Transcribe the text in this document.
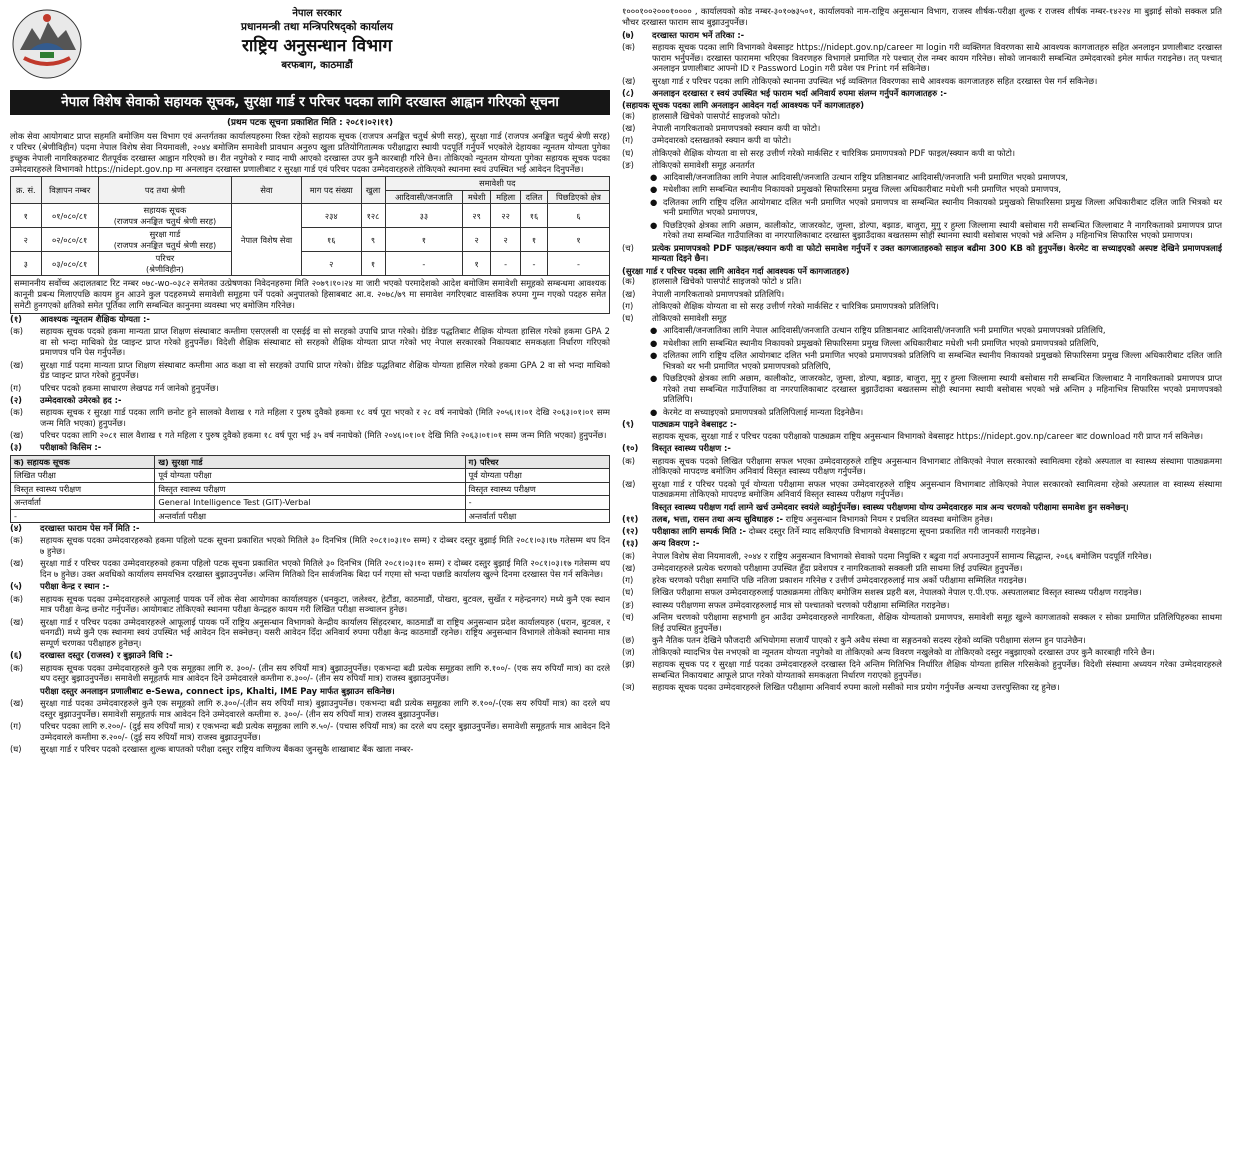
नेपाल सरकार
प्रधानमन्त्री तथा मन्त्रिपरिषद्को कार्यालय
राष्ट्रिय अनुसन्धान विभाग
बरफबाग, काठमाडौं
नेपाल विशेष सेवाको सहायक सूचक, सुरक्षा गार्ड र परिचर पदका लागि दरखास्त आह्वान गरिएको सूचना
(प्रथम पटक सूचना प्रकाशित मिति : २०८१।०२।११)

लोक सेवा आयोगबाट प्राप्त सहमति बमोजिम यस विभाग एवं अन्तर्गतका कार्यालयहरुमा रिक्त रहेको सहायक सूचक (राजपत्र अनङ्कित चतुर्थ श्रेणी सरह), सुरक्षा गार्ड (राजपत्र अनङ्कित चतुर्थ श्रेणी सरह) र परिचर (श्रेणीविहीन) पदमा नेपाल विशेष सेवा नियमावली, २०४४ बमोजिम समावेशी प्रावधान अनुरुप खुला प्रतियोगितात्मक परीक्षाद्वारा स्थायी पदपूर्ति गर्नुपर्ने भएकोले देहायका न्यूनतम योग्यता पुगेका इच्छुक नेपाली नागरिकहरुबाट रीतपूर्वक दरखास्त आह्वान गरिएको छ। रीत नपुगेको र म्याद नाघी आएको दरखास्त उपर कुनै कारबाही गरिने छैन। तोकिएको न्यूनतम योग्यता पुगेका सहायक सूचक पदका उम्मेदवारहरुले विभागको https://nidept.gov.np मा अनलाइन दरखास्त प्रणालीबाट र सुरक्षा गार्ड एवं परिचर पदका उम्मेदवारहरुले तोकिएको स्थानमा स्वयं उपस्थित भई आवेदन दिनुपर्नेछ।

क्र. सं.	विज्ञापन नम्बर	पद तथा श्रेणी	सेवा	माग पद संख्या	खुला	समावेशी पद				
						आदिवासी/जनजाति	मधेशी	महिला	दलित	पिछडिएको क्षेत्र
१	०१/०८०/८१	सहायक सूचक
(राजपत्र अनङ्कित चतुर्थ श्रेणी सरह)	नेपाल विशेष सेवा	२३४	१२८	३३	२९	२२	१६	६
२	०२/०८०/८१	सुरक्षा गार्ड
(राजपत्र अनङ्कित चतुर्थ श्रेणी सरह)		१६	९	१	२	२	१	१
३	०३/०८०/८१	परिचर
(श्रेणीविहीन)		२	१	-	१	-	-	-
सम्माननीय सर्वोच्च अदालतबाट रिट नम्बर ०७८-wo-०३८२ समेतका उत्प्रेषणका निवेदनहरुमा मिति २०७९।१०।२४ मा जारी भएको परमादेशको आदेश बमोजिम समावेशी समूहको सम्बन्धमा आवश्यक कानूनी प्रबन्ध मिलाएपछि कायम हुन आउने कुल पदहरुमध्ये समावेशी समूहमा पर्ने पदको अनुपातको हिसाबबाट आ.व. २०७८/७९ मा समावेश नगरिएबाट वास्तविक रुपमा गुम्न गएको पदहरु समेत समेटी हुनगएको क्षतिको समेत पूर्तिका लागि सम्बन्धित कानुनमा व्यवस्था भए बमोजिम गरिनेछ।
(१)	आवश्यक न्यूनतम शैक्षिक योग्यता :-
(क)	सहायक सूचक पदको हकमा मान्यता प्राप्त शिक्षण संस्थाबाट कम्तीमा एसएलसी वा एसईई वा सो सरहको उपाधि प्राप्त गरेको। ग्रेडिङ पद्धतिबाट शैक्षिक योग्यता हासिल गरेको हकमा GPA 2 वा सो भन्दा माथिको ग्रेड प्वाइन्ट प्राप्त गरेको हुनुपर्नेछ। विदेशी शैक्षिक संस्थाबाट सो सरहको शैक्षिक योग्यता प्राप्त गरेको भए नेपाल सरकारको निकायबाट समकक्षता निर्धारण गरिएको प्रमाणपत्र पनि पेस गर्नुपर्नेछ।
(ख)	सुरक्षा गार्ड पदमा मान्यता प्राप्त शिक्षण संस्थाबाट कम्तीमा आठ कक्षा वा सो सरहको उपाधि प्राप्त गरेको। ग्रेडिङ पद्धतिबाट शैक्षिक योग्यता हासिल गरेको हकमा GPA 2 वा सो भन्दा माथिको ग्रेड प्वाइन्ट प्राप्त गरेको हुनुपर्नेछ।
(ग)	परिचर पदको हकमा साधारण लेखपढ गर्न जानेको हुनुपर्नेछ।
(२)	उम्मेदवारको उमेरको हद :-
(क)	सहायक सूचक र सुरक्षा गार्ड पदका लागि छनोट हुने सालको वैशाख १ गते महिला र पुरुष दुवैको हकमा १८ वर्ष पूरा भएको र २८ वर्ष ननाघेको (मिति २०५६।१।०१ देखि २०६३।०१।०१ सम्म जन्म मिति भएका) हुनुपर्नेछ।
(ख)	परिचर पदका लागि २०८१ साल वैशाख १ गते महिला र पुरुष दुवैको हकमा १८ वर्ष पूरा भई ३५ वर्ष ननाघेको (मिति २०४६।०१।०१ देखि मिति २०६३।०१।०१ सम्म जन्म मिति भएका) हुनुपर्नेछ।
(३)	परीक्षाको किसिम :-
क) सहायक सूचक	ख) सुरक्षा गार्ड	ग) परिचर
लिखित परीक्षा	पूर्व योग्यता परीक्षा	पूर्व योग्यता परीक्षा
विस्तृत स्वास्थ्य परीक्षण	विस्तृत स्वास्थ्य परीक्षण	विस्तृत स्वास्थ्य परीक्षण
अन्तर्वार्ता	General Intelligence Test (GIT)-Verbal	-
-	अन्तर्वार्ता परीक्षा	अन्तर्वार्ता परीक्षा
(४)	दरखास्त फाराम पेस गर्ने मिति :-
(क)	सहायक सूचक पदका उम्मेदवारहरुको हकमा पहिलो पटक सूचना प्रकाशित भएको मितिले ३० दिनभित्र (मिति २०८१।०३।१० सम्म) र दोब्बर दस्तुर बुझाई मिति २०८१।०३।१७ गतेसम्म थप दिन ७ हुनेछ।
(ख)	सुरक्षा गार्ड र परिचर पदका उम्मेदवारहरुको हकमा पहिलो पटक सूचना प्रकाशित भएको मितिले ३० दिनभित्र (मिति २०८१।०३।१० सम्म) र दोब्बर दस्तुर बुझाई मिति २०८१।०३।१७ गतेसम्म थप दिन ७ हुनेछ। उक्त अवधिको कार्यालय समयभित्र दरखास्त बुझाउनुपर्नेछ। अन्तिम मितिको दिन सार्वजनिक बिदा पर्न गएमा सो भन्दा पछाडि कार्यालय खुल्ने दिनमा दरखास्त पेस गर्न सकिनेछ।
(५)	परीक्षा केन्द्र र स्थान :-
(क)	सहायक सूचक पदका उम्मेदवारहरुले आफूलाई पायक पर्ने लोक सेवा आयोगका कार्यालयहरु (धनकुटा, जलेश्वर, हेटौंडा, काठमाडौं, पोखरा, बुटवल, सुर्खेत र महेन्द्रनगर) मध्ये कुनै एक स्थान मात्र परीक्षा केन्द्र छनोट गर्नुपर्नेछ। आयोगबाट तोकिएको स्थानमा परीक्षा केन्द्रहरु कायम गरी लिखित परीक्षा सञ्चालन हुनेछ।
(ख)	सुरक्षा गार्ड र परिचर पदका उम्मेदवारहरुले आफूलाई पायक पर्ने राष्ट्रिय अनुसन्धान विभागको केन्द्रीय कार्यालय सिंहदरबार, काठमाडौं वा राष्ट्रिय अनुसन्धान प्रदेश कार्यालयहरु (धरान, बुटवल, र धनगढी) मध्ये कुनै एक स्थानमा स्वयं उपस्थित भई आवेदन दिन सक्नेछन्। यसरी आवेदन दिँदा अनिवार्य रुपमा परीक्षा केन्द्र काठमाडौं रहनेछ। राष्ट्रिय अनुसन्धान विभागले तोकेको स्थानमा मात्र सम्पूर्ण चरणका परीक्षाहरु हुनेछन्।
(६)	दरखास्त दस्तुर (राजस्व) र बुझाउने विधि :-
(क)	सहायक सूचक पदका उम्मेदवारहरुले कुनै एक समूहका लागि रु. ३००/- (तीन सय रुपियाँ मात्र) बुझाउनुपर्नेछ। एकभन्दा बढी प्रत्येक समूहका लागि रु.१००/- (एक सय रुपियाँ मात्र) का दरले थप दस्तुर बुझाउनुपर्नेछ। समावेशी समूहतर्फ मात्र आवेदन दिने उम्मेदवारले कम्तीमा रु.३००/- (तीन सय रुपियाँ मात्र) राजस्व बुझाउनुपर्नेछ।
परीक्षा दस्तुर अनलाइन प्रणालीबाट e-Sewa, connect ips, Khalti, IME Pay मार्फत बुझाउन सकिनेछ।
(ख)	सुरक्षा गार्ड पदका उम्मेदवारहरुले कुनै एक समूहको लागि रु.३००/-(तीन सय रुपियाँ मात्र) बुझाउनुपर्नेछ। एकभन्दा बढी प्रत्येक समूहका लागि रु.१००/-(एक सय रुपियाँ मात्र) का दरले थप दस्तुर बुझाउनुपर्नेछ। समावेशी समूहतर्फ मात्र आवेदन दिने उम्मेदवारले कम्तीमा रु. ३००/- (तीन सय रुपियाँ मात्र) राजस्व बुझाउनुपर्नेछ।
(ग)	परिचर पदका लागि रु.२००/- (दुई सय रुपियाँ मात्र) र एकभन्दा बढी प्रत्येक समूहका लागि रु.५०/- (पचास रुपियाँ मात्र) का दरले थप दस्तुर बुझाउनुपर्नेछ। समावेशी समूहतर्फ मात्र आवेदन दिने उम्मेदवारले कम्तीमा रु.२००/- (दुई सय रुपियाँ मात्र) राजस्व बुझाउनुपर्नेछ।
(घ)	सुरक्षा गार्ड र परिचर पदको दरखास्त शुल्क बापतको परीक्षा दस्तुर राष्ट्रिय वाणिज्य बैंकका जुनसुकै शाखाबाट बैंक खाता नम्बर-

१०००१००२०००१०००० , कार्यालयको कोड नम्बर-३०१०७३५०१, कार्यालयको नाम-राष्ट्रिय अनुसन्धान विभाग, राजस्व शीर्षक-परीक्षा शुल्क र राजस्व शीर्षक नम्बर-१४२२४ मा बुझाई सोको सक्कल प्रति भौचर दरखास्त फाराम साथ बुझाउनुपर्नेछ।

(७)	दरखास्त फाराम भर्ने तरिका :-
(क)	सहायक सूचक पदका लागि विभागको वेबसाइट https://nidept.gov.np/career मा login गरी व्यक्तिगत विवरणका साथै आवश्यक कागजातहरु सहित अनलाइन प्रणालीबाट दरखास्त फाराम भर्नुपर्नेछ। दरखास्त फाराममा भरिएका विवरणहरु विभागले प्रमाणित गरे पश्चात् रोल नम्बर कायम गरिनेछ। सोको जानकारी सम्बन्धित उम्मेदवारको इमेल मार्फत गराइनेछ। तत् पश्चात् अनलाइन प्रणालीबाट आफ्नो ID र Password Login गरी प्रवेश पत्र Print गर्न सकिनेछ।
(ख)	सुरक्षा गार्ड र परिचर पदका लागि तोकिएको स्थानमा उपस्थित भई व्यक्तिगत विवरणका साथै आवश्यक कागजातहरु सहित दरखास्त पेस गर्न सकिनेछ।
(८)	अनलाइन दरखास्त र स्वयं उपस्थित भई फाराम भर्दा अनिवार्य रुपमा संलग्न गर्नुपर्ने कागजातहरु :-
(सहायक सूचक पदका लागि अनलाइन आवेदन गर्दा आवश्यक पर्ने कागजातहरु)
(क)	हालसालै खिचेको पासपोर्ट साइजको फोटो।
(ख)	नेपाली नागरिकताको प्रमाणपत्रको स्क्यान कपी वा फोटो।
(ग)	उम्मेदवारको दस्तखतको स्क्यान कपी वा फोटो।
(घ)	तोकिएको शैक्षिक योग्यता वा सो सरह उत्तीर्ण गरेको मार्कसिट र चारित्रिक प्रमाणपत्रको PDF फाइल/स्क्यान कपी वा फोटो।
(ङ)	तोकिएको समावेशी समूह अनतर्गत
● आदिवासी/जनजातिका लागि नेपाल आदिवासी/जनजाति उत्थान राष्ट्रिय प्रतिष्ठानबाट आदिवासी/जनजाति भनी प्रमाणित भएको प्रमाणपत्र,
● मधेशीका लागि सम्बन्धित स्थानीय निकायको प्रमुखको सिफारिसमा प्रमुख जिल्ला अधिकारीबाट मधेशी भनी प्रमाणित भएको प्रमाणपत्र,
● दलितका लागि राष्ट्रिय दलित आयोगबाट दलित भनी प्रमाणित भएको प्रमाणपत्र वा सम्बन्धित स्थानीय निकायको प्रमुखको सिफारिसमा प्रमुख जिल्ला अधिकारीबाट दलित जाति भित्रको थर भनी प्रमाणित भएको प्रमाणपत्र,
● पिछडिएको क्षेत्रका लागि अछाम, कालीकोट, जाजरकोट, जुम्ला, डोल्पा, बझाङ, बाजुरा, मुगु र हुम्ला जिल्लामा स्थायी बसोबास गरी सम्बन्धित जिल्लाबाट नै नागरिकताको प्रमाणपत्र प्राप्त गरेको तथा सम्बन्धित गाउँपालिका वा नगरपालिकाबाट दरखास्त बुझाउँदाका बखतसम्म सोही स्थानमा स्थायी बसोबास भएको भन्ने अन्तिम ३ महिनाभित्र सिफारिस भएको प्रमाणपत्र।
(च)	प्रत्येक प्रमाणपत्रको PDF फाइल/स्क्यान कपी वा फोटो समावेश गर्नुपर्ने र उक्त कागजातहरुको साइज बढीमा 300 KB को हुनुपर्नेछ। केरमेट वा सच्याइएको अस्पष्ट देखिने प्रमाणपत्रलाई मान्यता दिइने छैन।
(सुरक्षा गार्ड र परिचर पदका लागि आवेदन गर्दा आवश्यक पर्ने कागजातहरु)
(क)	हालसालै खिचेको पासपोर्ट साइजको फोटो ४ प्रति।
(ख)	नेपाली नागरिकताको प्रमाणपत्रको प्रतिलिपि।
(ग)	तोकिएको शैक्षिक योग्यता वा सो सरह उत्तीर्ण गरेको मार्कसिट र चारित्रिक प्रमाणपत्रको प्रतिलिपि।
(घ)	तोकिएको समावेशी समूह
● आदिवासी/जनजातिका लागि नेपाल आदिवासी/जनजाति उत्थान राष्ट्रिय प्रतिष्ठानबाट आदिवासी/जनजाति भनी प्रमाणित भएको प्रमाणपत्रको प्रतिलिपि,
● मधेशीका लागि सम्बन्धित स्थानीय निकायको प्रमुखको सिफारिसमा प्रमुख जिल्ला अधिकारीबाट मधेशी भनी प्रमाणित भएको प्रमाणपत्रको प्रतिलिपि,
● दलितका लागि राष्ट्रिय दलित आयोगबाट दलित भनी प्रमाणित भएको प्रमाणपत्रको प्रतिलिपि वा सम्बन्धित स्थानीय निकायको प्रमुखको सिफारिसमा प्रमुख जिल्ला अधिकारीबाट दलित जाति भित्रको थर भनी प्रमाणित भएको प्रमाणपत्रको प्रतिलिपि,
● पिछडिएको क्षेत्रका लागि अछाम, कालीकोट, जाजरकोट, जुम्ला, डोल्पा, बझाङ, बाजुरा, मुगु र हुम्ला जिल्लामा स्थायी बसोबास गरी सम्बन्धित जिल्लाबाट नै नागरिकताको प्रमाणपत्र प्राप्त गरेको तथा सम्बन्धित गाउँपालिका वा नगरपालिकाबाट दरखास्त बुझाउँदाका बखतसम्म सोही स्थानमा स्थायी बसोबास भएको भन्ने अन्तिम ३ महिनाभित्र सिफारिस भएको प्रमाणपत्रको प्रतिलिपि।
● केरमेट वा सच्याइएको प्रमाणपत्रको प्रतिलिपिलाई मान्यता दिइनेछैन।
(९)	पाठ्यक्रम पाइने वेबसाइट :-
सहायक सूचक, सुरक्षा गार्ड र परिचर पदका परीक्षाको पाठ्यक्रम राष्ट्रिय अनुसन्धान विभागको वेबसाइट https://nidept.gov.np/career बाट download गरी प्राप्त गर्न सकिनेछ।
(१०)	विस्तृत स्वास्थ्य परीक्षण :-
(क)	सहायक सूचक पदको लिखित परीक्षामा सफल भएका उम्मेदवारहरुले राष्ट्रिय अनुसन्धान विभागबाट तोकिएको नेपाल सरकारको स्वामित्वमा रहेको अस्पताल वा स्वास्थ्य संस्थामा पाठ्यक्रममा तोकिएको मापदण्ड बमोजिम अनिवार्य विस्तृत स्वास्थ्य परीक्षण गर्नुपर्नेछ।
(ख)	सुरक्षा गार्ड र परिचर पदको पूर्व योग्यता परीक्षामा सफल भएका उम्मेदवारहरुले राष्ट्रिय अनुसन्धान विभागबाट तोकिएको नेपाल सरकारको स्वामित्वमा रहेको अस्पताल वा स्वास्थ्य संस्थामा पाठ्यक्रममा तोकिएको मापदण्ड बमोजिम अनिवार्य विस्तृत स्वास्थ्य परीक्षण गर्नुपर्नेछ।
विस्तृत स्वास्थ्य परीक्षण गर्दा लाग्ने खर्च उम्मेदवार स्वयंले व्यहोर्नुपर्नेछ। स्वास्थ्य परीक्षणमा योग्य उम्मेदवारहरु मात्र अन्य चरणको परीक्षामा समावेश हुन सक्नेछन्।
(११)	तलब, भत्ता, रासन तथा अन्य सुविधाहरु :- राष्ट्रिय अनुसन्धान विभागको नियम र प्रचलित व्यवस्था बमोजिम हुनेछ।
(१२)	परीक्षाका लागि सम्पर्क मिति :- दोब्बर दस्तुर तिर्ने म्याद सकिएपछि विभागको वेबसाइटमा सूचना प्रकाशित गरी जानकारी गराइनेछ।
(१३)	अन्य विवरण :-
(क)	नेपाल विशेष सेवा नियमावली, २०४४ र राष्ट्रिय अनुसन्धान विभागको सेवाको पदमा नियुक्ति र बढुवा गर्दा अपनाउनुपर्ने सामान्य सिद्धान्त, २०६६ बमोजिम पदपूर्ति गरिनेछ।
(ख)	उम्मेदवारहरुले प्रत्येक चरणको परीक्षामा उपस्थित हुँदा प्रवेशपत्र र नागरिकताको सक्कली प्रति साथमा लिई उपस्थित हुनुपर्नेछ।
(ग)	हरेक चरणको परीक्षा समाप्ति पछि नतिजा प्रकाशन गरिनेछ र उत्तीर्ण उम्मेदवारहरुलाई मात्र अर्को परीक्षामा सम्मिलित गराइनेछ।
(घ)	लिखित परीक्षामा सफल उम्मेदवारहरुलाई पाठ्यक्रममा तोकिए बमोजिम सशस्त्र प्रहरी बल, नेपालको नेपाल ए.पी.एफ. अस्पतालबाट विस्तृत स्वास्थ्य परीक्षण गराइनेछ।
(ङ)	स्वास्थ्य परीक्षणमा सफल उम्मेदवारहरुलाई मात्र सो पश्चातको चरणको परीक्षामा सम्मिलित गराइनेछ।
(च)	अन्तिम चरणको परीक्षामा सहभागी हुन आउँदा उम्मेदवारहरुले नागरिकता, शैक्षिक योग्यताको प्रमाणपत्र, समावेशी समूह खुल्ने कागजातको सक्कल र सोका प्रमाणित प्रतिलिपिहरुका साथमा लिई उपस्थित हुनुपर्नेछ।
(छ)	कुनै नैतिक पतन देखिने फौजदारी अभियोगमा सजायँ पाएको र कुनै अवैध संस्था वा सङ्गठनको सदस्य रहेको व्यक्ति परीक्षामा संलग्न हुन पाउनेछैन।
(ज)	तोकिएको म्यादभित्र पेस नभएको वा न्यूनतम योग्यता नपुगेको वा तोकिएको अन्य विवरण नखुलेको वा तोकिएको दस्तुर नबुझाएको दरखास्त उपर कुनै कारबाही गरिने छैन।
(झ)	सहायक सूचक पद र सुरक्षा गार्ड पदका उम्मेदवारहरुले दरखास्त दिने अन्तिम मितिभित्र निर्धारित शैक्षिक योग्यता हासिल गरिसकेको हुनुपर्नेछ। विदेशी संस्थामा अध्ययन गरेका उम्मेदवारहरुले सम्बन्धित निकायबाट आफूले प्राप्त गरेको योग्यताको समकक्षता निर्धारण गराएको हुनुपर्नेछ।
(ञ)	सहायक सूचक पदका उम्मेदवारहरुले लिखित परीक्षामा अनिवार्य रुपमा कालो मसीको मात्र प्रयोग गर्नुपर्नेछ अन्यथा उत्तरपुस्तिका रद्द हुनेछ।
